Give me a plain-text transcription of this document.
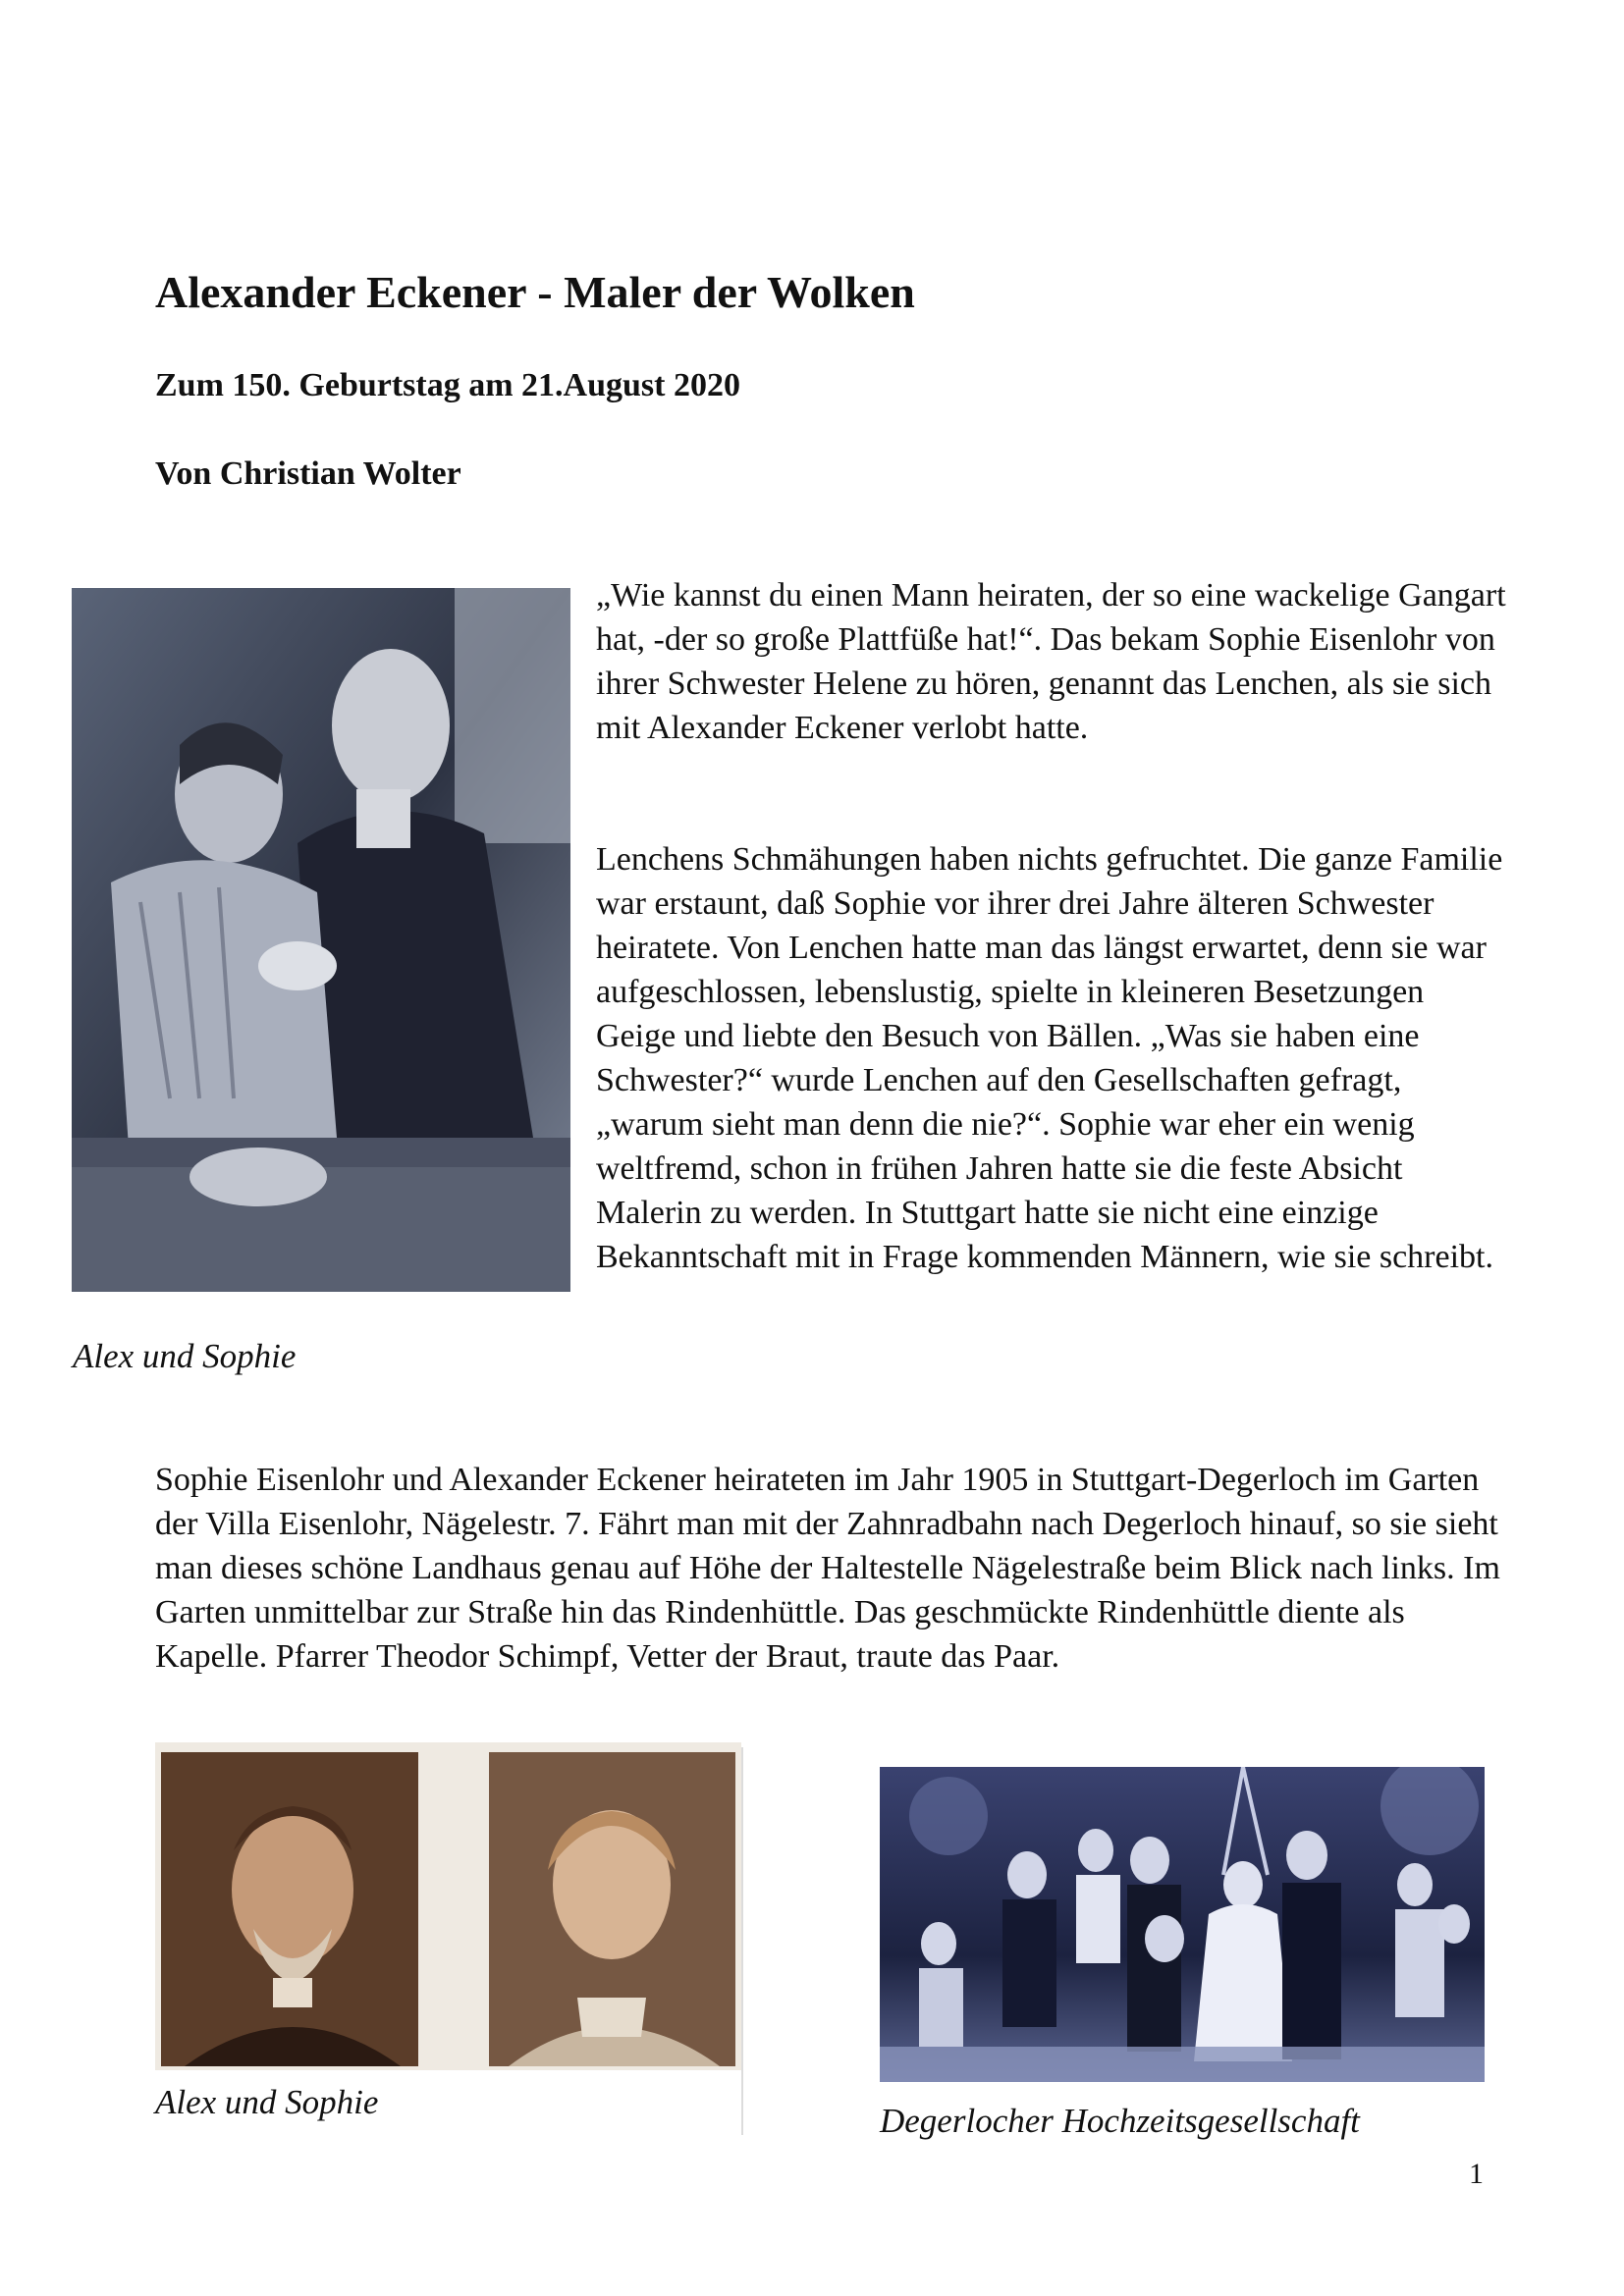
Alexander Eckener - Maler der Wolken
Zum 150. Geburtstag am 21.August 2020
Von Christian Wolter

Alex und Sophie

„Wie kannst du einen Mann heiraten, der so eine wackelige Gangart hat, -der so große Plattfüße hat!“. Das bekam Sophie Eisenlohr von ihrer Schwester Helene zu hören, genannt das Lenchen, als sie sich mit Alexander Eckener verlobt hatte.

Lenchens Schmähungen haben nichts gefruchtet. Die ganze Familie war erstaunt, daß Sophie vor ihrer drei Jahre älteren Schwester heiratete. Von Lenchen hatte man das längst erwartet, denn sie war aufgeschlossen, lebenslustig, spielte in kleineren Besetzungen Geige und liebte den Besuch von Bällen. „Was sie haben eine Schwester?“ wurde Lenchen auf den Gesellschaften gefragt, „warum sieht man denn die nie?“. Sophie war eher ein wenig weltfremd, schon in frühen Jahren hatte sie die feste Absicht Malerin zu werden. In Stuttgart hatte sie nicht eine einzige Bekanntschaft mit in Frage kommenden Männern, wie sie schreibt.

Sophie Eisenlohr und Alexander Eckener heirateten im Jahr 1905 in Stuttgart-Degerloch im Garten der Villa Eisenlohr, Nägelestr. 7. Fährt man mit der Zahnradbahn nach Degerloch hinauf, so sie sieht man dieses schöne Landhaus genau auf Höhe der Haltestelle Nägelestraße beim Blick nach links. Im Garten unmittelbar zur Straße hin das Rindenhüttle. Das geschmückte Rindenhüttle diente als Kapelle. Pfarrer Theodor Schimpf, Vetter der Braut, traute das Paar.

Alex und Sophie	Degerlocher Hochzeitsgesellschaft

1
